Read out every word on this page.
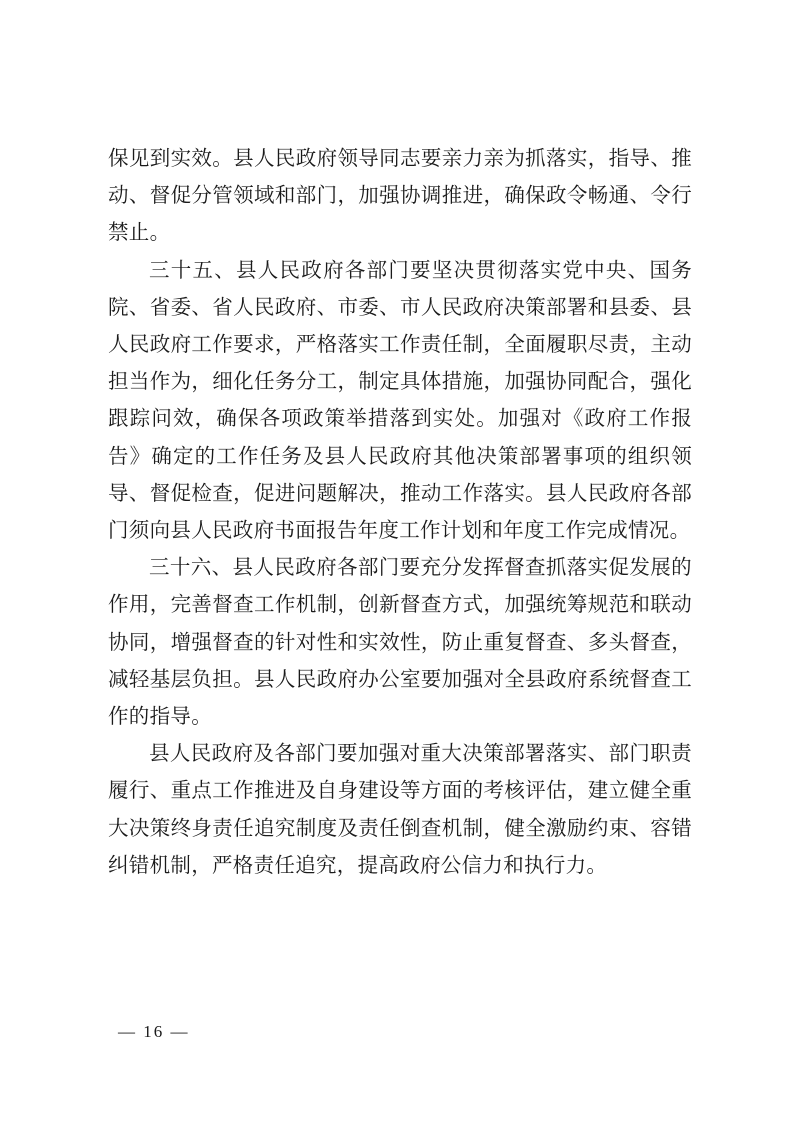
保见到实效。县人民政府领导同志要亲力亲为抓落实，指导、推动、督促分管领域和部门，加强协调推进，确保政令畅通、令行禁止。

三十五、县人民政府各部门要坚决贯彻落实党中央、国务院、省委、省人民政府、市委、市人民政府决策部署和县委、县人民政府工作要求，严格落实工作责任制，全面履职尽责，主动担当作为，细化任务分工，制定具体措施，加强协同配合，强化跟踪问效，确保各项政策举措落到实处。加强对《政府工作报告》确定的工作任务及县人民政府其他决策部署事项的组织领导、督促检查，促进问题解决，推动工作落实。县人民政府各部门须向县人民政府书面报告年度工作计划和年度工作完成情况。

三十六、县人民政府各部门要充分发挥督查抓落实促发展的作用，完善督查工作机制，创新督查方式，加强统筹规范和联动协同，增强督查的针对性和实效性，防止重复督查、多头督查，减轻基层负担。县人民政府办公室要加强对全县政府系统督查工作的指导。

县人民政府及各部门要加强对重大决策部署落实、部门职责履行、重点工作推进及自身建设等方面的考核评估，建立健全重大决策终身责任追究制度及责任倒查机制，健全激励约束、容错纠错机制，严格责任追究，提高政府公信力和执行力。

— 16 —
